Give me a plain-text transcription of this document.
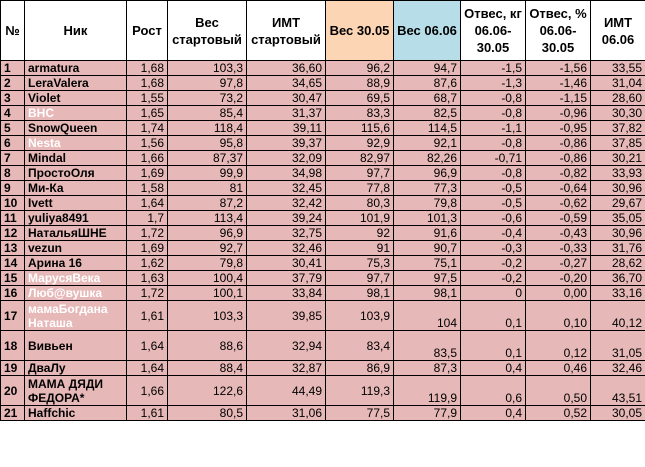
№	Ник	Рост	Вес стартовый	ИМТ стартовый	Вес 30.05	Вес 06.06	Отвес, кг 06.06-30.05	Отвес, % 06.06-30.05	ИМТ 06.06
1	armatura	1,68	103,3	36,60	96,2	94,7	-1,5	-1,56	33,55
2	LeraValera	1,68	97,8	34,65	88,9	87,6	-1,3	-1,46	31,04
3	Violet	1,55	73,2	30,47	69,5	68,7	-0,8	-1,15	28,60
4	ВНС	1,65	85,4	31,37	83,3	82,5	-0,8	-0,96	30,30
5	SnowQueen	1,74	118,4	39,11	115,6	114,5	-1,1	-0,95	37,82
6	Nesta	1,56	95,8	39,37	92,9	92,1	-0,8	-0,86	37,85
7	Mindal	1,66	87,37	32,09	82,97	82,26	-0,71	-0,86	30,21
8	ПростоОля	1,69	99,9	34,98	97,7	96,9	-0,8	-0,82	33,93
9	Ми-Ка	1,58	81	32,45	77,8	77,3	-0,5	-0,64	30,96
10	Ivett	1,64	87,2	32,42	80,3	79,8	-0,5	-0,62	29,67
11	yuliya8491	1,7	113,4	39,24	101,9	101,3	-0,6	-0,59	35,05
12	НатальяШНЕ	1,72	96,9	32,75	92	91,6	-0,4	-0,43	30,96
13	vezun	1,69	92,7	32,46	91	90,7	-0,3	-0,33	31,76
14	Арина 16	1,62	79,8	30,41	75,3	75,1	-0,2	-0,27	28,62
15	МаруcяВека	1,63	100,4	37,79	97,7	97,5	-0,2	-0,20	36,70
16	Люб@вушка	1,72	100,1	33,84	98,1	98,1	0	0,00	33,16
17	мамаБогдана Наташа	1,61	103,3	39,85	103,9	104	0,1	0,10	40,12
18	Вивьен	1,64	88,6	32,94	83,4	83,5	0,1	0,12	31,05
19	ДваЛу	1,64	88,4	32,87	86,9	87,3	0,4	0,46	32,46
20	МАМА ДЯДИ ФЕДОРА*	1,66	122,6	44,49	119,3	119,9	0,6	0,50	43,51
21	Haffchic	1,61	80,5	31,06	77,5	77,9	0,4	0,52	30,05
